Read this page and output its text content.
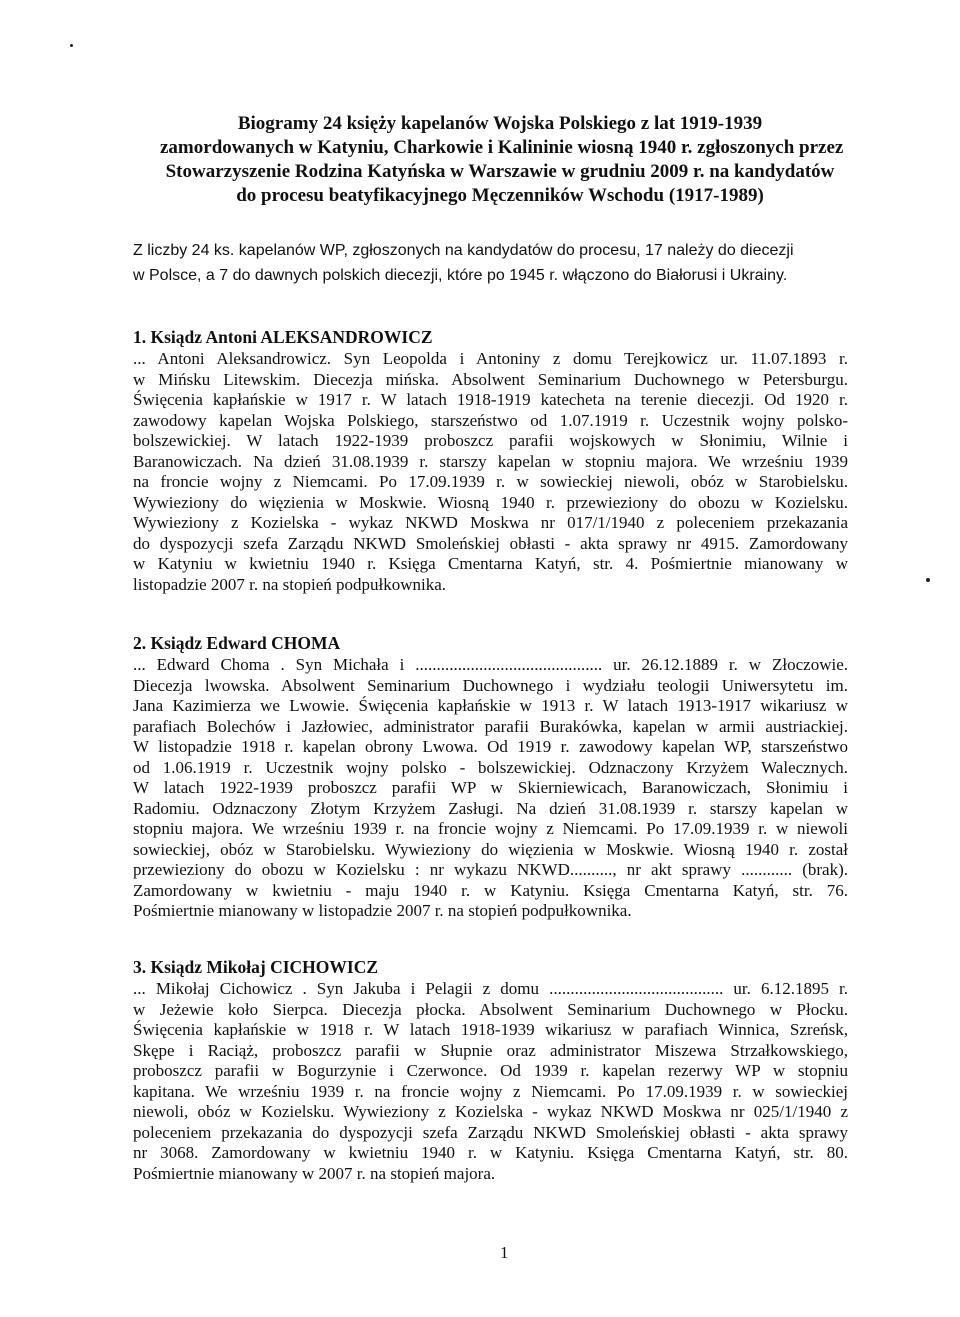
Biogramy 24 księży kapelanów Wojska Polskiego z lat 1919-1939
zamordowanych w Katyniu, Charkowie i Kalininie wiosną 1940 r. zgłoszonych przez
Stowarzyszenie Rodzina Katyńska w Warszawie w grudniu 2009 r. na kandydatów
do procesu beatyfikacyjnego Męczenników Wschodu (1917-1989)
Z liczby 24 ks. kapelanów WP, zgłoszonych na kandydatów do procesu, 17 należy do diecezji
w Polsce, a 7 do dawnych polskich diecezji, które po 1945 r. włączono do Białorusi i Ukrainy.
1. Ksiądz Antoni ALEKSANDROWICZ
... Antoni Aleksandrowicz. Syn Leopolda i Antoniny z domu Terejkowicz ur. 11.07.1893 r.
w Mińsku Litewskim. Diecezja mińska. Absolwent Seminarium Duchownego w Petersburgu.
Święcenia kapłańskie w 1917 r. W latach 1918-1919 katecheta na terenie diecezji. Od 1920 r.
zawodowy kapelan Wojska Polskiego, starszeństwo od 1.07.1919 r. Uczestnik wojny polsko-
bolszewickiej. W latach 1922-1939 proboszcz parafii wojskowych w Słonimiu, Wilnie i
Baranowiczach. Na dzień 31.08.1939 r. starszy kapelan w stopniu majora. We wrześniu 1939
na froncie wojny z Niemcami. Po 17.09.1939 r. w sowieckiej niewoli, obóz w Starobielsku.
Wywieziony do więzienia w Moskwie. Wiosną 1940 r. przewieziony do obozu w Kozielsku.
Wywieziony z Kozielska - wykaz NKWD Moskwa nr 017/1/1940 z poleceniem przekazania
do dyspozycji szefa Zarządu NKWD Smoleńskiej obłasti - akta sprawy nr 4915. Zamordowany
w Katyniu w kwietniu 1940 r. Księga Cmentarna Katyń, str. 4. Pośmiertnie mianowany w
listopadzie 2007 r. na stopień podpułkownika.
2. Ksiądz Edward CHOMA
... Edward Choma . Syn Michała i ............................................ ur. 26.12.1889 r. w Złoczowie.
Diecezja lwowska. Absolwent Seminarium Duchownego i wydziału teologii Uniwersytetu im.
Jana Kazimierza we Lwowie. Święcenia kapłańskie w 1913 r. W latach 1913-1917 wikariusz w
parafiach Bolechów i Jazłowiec, administrator parafii Burakówka, kapelan w armii austriackiej.
W listopadzie 1918 r. kapelan obrony Lwowa. Od 1919 r. zawodowy kapelan WP, starszeństwo
od 1.06.1919 r. Uczestnik wojny polsko - bolszewickiej. Odznaczony Krzyżem Walecznych.
W latach 1922-1939 proboszcz parafii WP w Skierniewicach, Baranowiczach, Słonimiu i
Radomiu. Odznaczony Złotym Krzyżem Zasługi. Na dzień 31.08.1939 r. starszy kapelan w
stopniu majora. We wrześniu 1939 r. na froncie wojny z Niemcami. Po 17.09.1939 r. w niewoli
sowieckiej, obóz w Starobielsku. Wywieziony do więzienia w Moskwie. Wiosną 1940 r. został
przewieziony do obozu w Kozielsku : nr wykazu NKWD.........., nr akt sprawy ............ (brak).
Zamordowany w kwietniu - maju 1940 r. w Katyniu. Księga Cmentarna Katyń, str. 76.
Pośmiertnie mianowany w listopadzie 2007 r. na stopień podpułkownika.
3. Ksiądz Mikołaj CICHOWICZ
... Mikołaj Cichowicz . Syn Jakuba i Pelagii z domu ......................................... ur. 6.12.1895 r.
w Jeżewie koło Sierpca. Diecezja płocka. Absolwent Seminarium Duchownego w Płocku.
Święcenia kapłańskie w 1918 r. W latach 1918-1939 wikariusz w parafiach Winnica, Szreńsk,
Skępe i Raciąż, proboszcz parafii w Słupnie oraz administrator Miszewa Strzałkowskiego,
proboszcz parafii w Bogurzynie i Czerwonce. Od 1939 r. kapelan rezerwy WP w stopniu
kapitana. We wrześniu 1939 r. na froncie wojny z Niemcami. Po 17.09.1939 r. w sowieckiej
niewoli, obóz w Kozielsku. Wywieziony z Kozielska - wykaz NKWD Moskwa nr 025/1/1940 z
poleceniem przekazania do dyspozycji szefa Zarządu NKWD Smoleńskiej obłasti - akta sprawy
nr 3068. Zamordowany w kwietniu 1940 r. w Katyniu. Księga Cmentarna Katyń, str. 80.
Pośmiertnie mianowany w 2007 r. na stopień majora.
1
